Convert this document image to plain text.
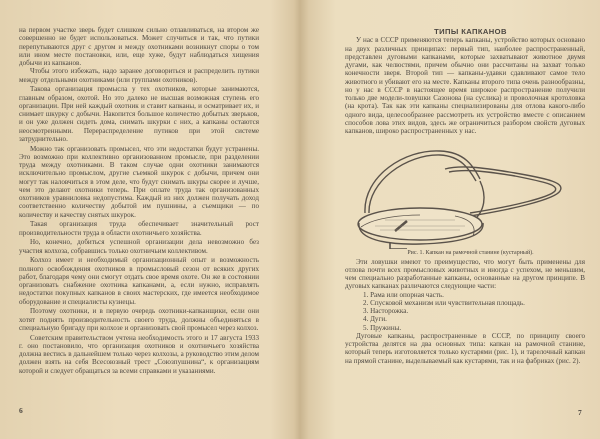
на первом участке зверь будет слишком сильно отлавливаться, на втором же совершенно не будет использоваться. Может случиться и так, что путики перепутываются друг с другом и между охотниками возникнут споры о том или ином месте постановки, или, еще хуже, будут наблюдаться хищения добычи из капканов.

Чтобы этого избежать, надо заранее договориться и распределить путики между отдельными охотниками (или группами охотников).

Такова организация промысла у тех охотников, которые занимаются, главным образом, охотой. Но это далеко не высшая возможная ступень его организации. При ней каждый охотник и ставит капканы, и осматривает их, и снимает шкурку с добычи. Накопится большое количество добытых зверьков, и он уже должен сидеть дома, снимать шкурки с них, а капканы остаются неосмотренными. Перераспределение путиков при этой системе затруднительно.

Можно так организовать промысел, что эти недостатки будут устранены. Это возможно при коллективно организованном промысле, при разделении труда между охотниками. В таком случае одни охотники занимаются исключительно промыслом, другие съемкой шкурок с добычи, причем они могут так наловчиться в этом деле, что будут снимать шкуры скорее и лучше, чем это делают охотники теперь. При оплате труда так организованных охотников уравниловка недопустима. Каждый из них должен получать доход соответственно количеству добытой им пушнины, а съемщики — по количеству и качеству снятых шкурок.

Такая организация труда обеспечивает значительный рост производительности труда в области охотничьего хозяйства.

Но, конечно, добиться успешной организации дела невозможно без участия колхоза, собравшись только охотничьим коллективом.

Колхоз имеет и необходимый организационный опыт и возможность полного освобождения охотников в промысловый сезон от всяких других работ, благодаря чему они смогут отдать свое время охоте. Он же в состоянии организовать снабжение охотника капканами, а, если нужно, исправлять недостатки покупных капканов в своих мастерских, где имеется необходимое оборудование и специалисты кузнецы.

Поэтому охотники, и в первую очередь охотники-капканщики, если они хотят поднять производительность своего труда, должны объединяться в специальную бригаду при колхозе и организовать свой промысел через колхоз.

Советским правительством учтена необходимость этого и 17 августа 1933 г. оно постановило, что организация охотников и охотничьего хозяйства должна вестись в дальнейшем только через колхозы, а руководство этим делом должен взять на себя Всесоюзный трест „Союзпушнина“, к организациям которой и следует обращаться за всеми справками и указаниями.

6

ТИПЫ КАПКАНОВ

У нас в СССР применяются теперь капканы, устройство которых основано на двух различных принципах: первый тип, наиболее распространенный, представлен дуговыми капканами, которые захватывают животное двумя дугами, как челюстями, причем обычно они рассчитаны на захват только конечности зверя. Второй тип — капканы-удавки сдавливают самое тело животного и убивают его на месте. Капканы второго типа очень разнообразны, но у нас в СССР в настоящее время широкое распространение получили только две модели-ловушки Сазонова (на суслика) и проволочная кротоловка (на крота). Так как эти капканы специализированы для отлова какого-либо одного вида, целесообразнее рассмотреть их устройство вместе с описанием способов лова этих видов, здесь же ограничиться разбором свойств дуговых капканов, широко распространенных у нас.

Рис. 1. Капкан на рамочной станине (кустарный).

Эти ловушки имеют то преимущество, что могут быть применены для отлова почти всех промысловых животных и иногда с успехом, не меньшим, чем специально разработанные капканы, основанные на другом принципе. В дуговых капканах различаются следующие части:

1. Рама или опорная часть.
2. Спусковой механизм или чувствительная площадь.
3. Насторожка.
4. Дуги.
5. Пружины.

Дуговые капканы, распространенные в СССР, по принципу своего устройства делятся на два основных типа: капкан на рамочной станине, который теперь изготовляется только кустарями (рис. 1), и тарелочный капкан на прямой станине, выделываемый как кустарями, так и на фабриках (рис. 2).

7
